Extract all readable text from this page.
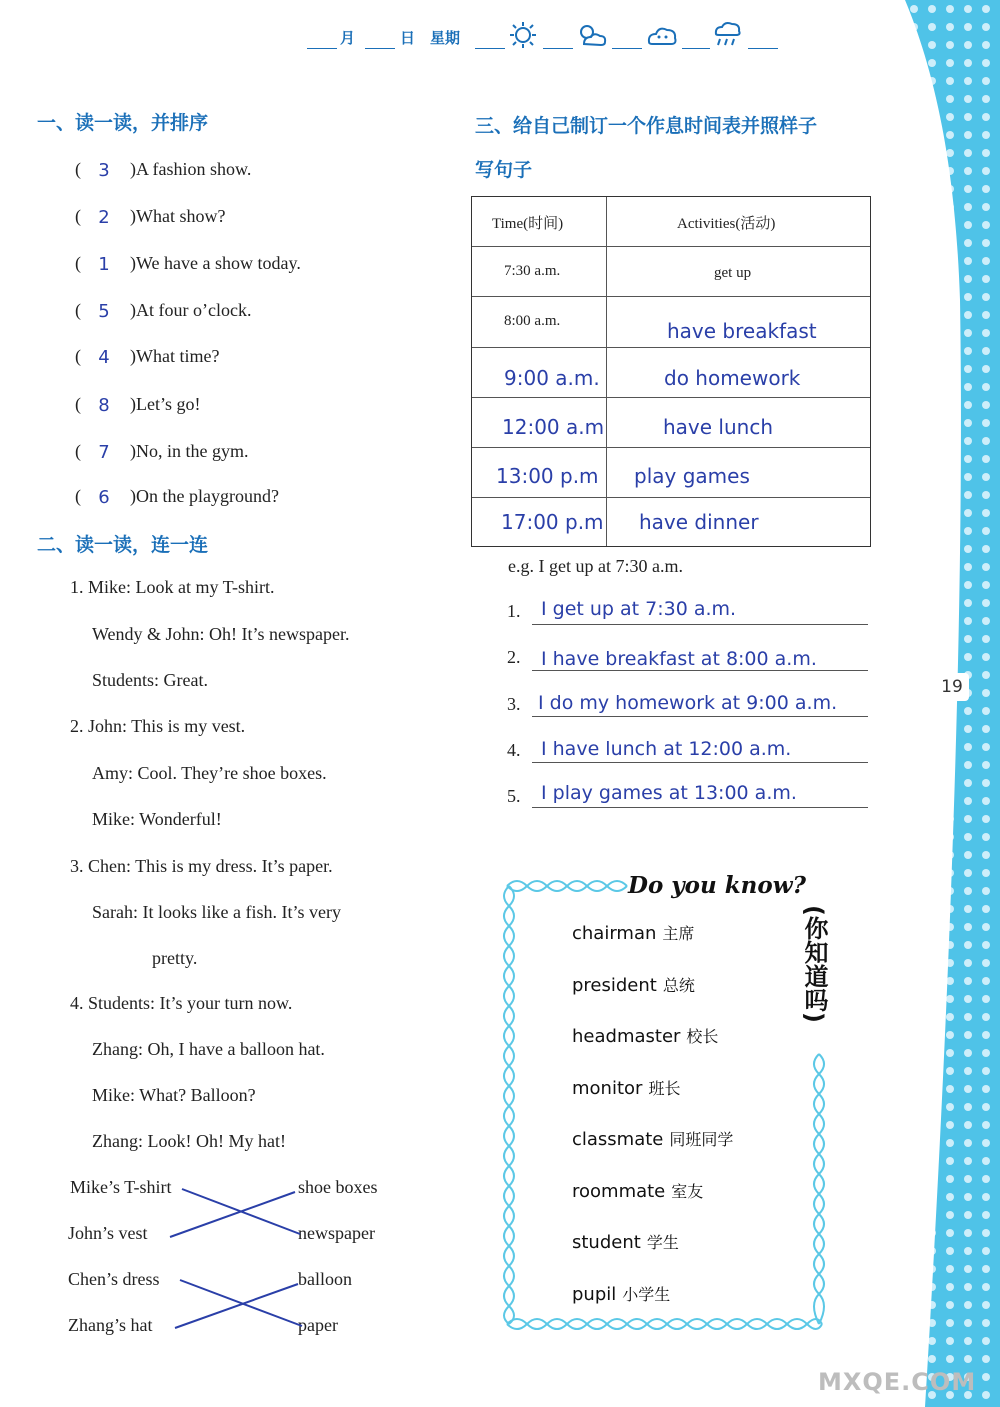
19
月	日 星期
一、读一读，并排序
( 3 )A fashion show.
( 2 )What show?
( 1 )We have a show today.
( 5 )At four o’clock.
( 4 )What time?
( 8 )Let’s go!
( 7 )No, in the gym.
( 6 )On the playground?
二、读一读，连一连
1. Mike: Look at my T-shirt.
Wendy & John: Oh! It’s newspaper.
Students: Great.
2. John: This is my vest.
Amy: Cool. They’re shoe boxes.
Mike: Wonderful!
3. Chen: This is my dress. It’s paper.
Sarah: It looks like a fish. It’s very
pretty.
4. Students: It’s your turn now.
Zhang: Oh, I have a balloon hat.
Mike: What? Balloon?
Zhang: Look! Oh! My hat!
Mike’s T-shirt
John’s vest
Chen’s dress
Zhang’s hat
shoe boxes
newspaper
balloon
paper
三、给自己制订一个作息时间表并照样子
写句子
Time(时间)	Activities(活动)
7:30 a.m.	get up
8:00 a.m.	have breakfast
9:00 a.m.	do homework
12:00 a.m	have lunch
13:00 p.m play games
17:00 p.m have dinner
e.g. I get up at 7:30 a.m.
1. I get up at 7:30 a.m.
2. I have breakfast at 8:00 a.m.
3. I do my homework at 9:00 a.m.
4. I have lunch at 12:00 a.m.
5. I play games at 13:00 a.m.
Do you know?
(你知道吗)
chairman 主席
president 总统
headmaster 校长
monitor 班长
classmate 同班同学
roommate 室友
student 学生
pupil 小学生
MXQE.COM
